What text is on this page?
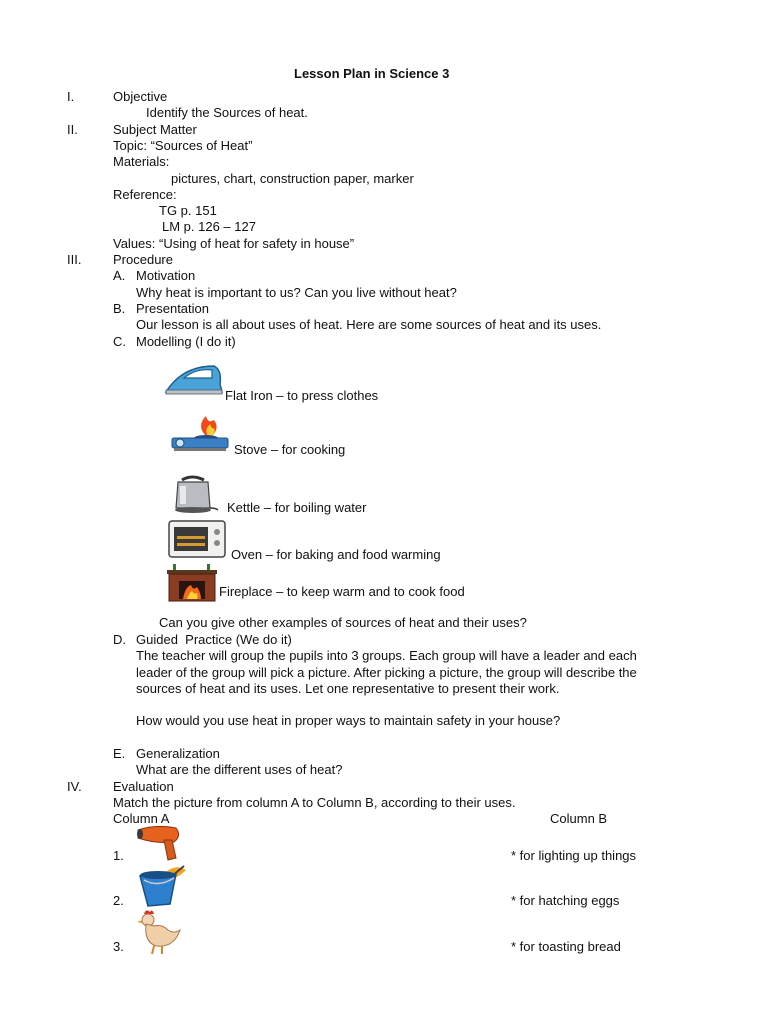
Lesson Plan in Science 3
I.	Objective
Identify the Sources of heat.
II.	Subject Matter
Topic: “Sources of Heat”
Materials:
pictures, chart, construction paper, marker
Reference:
TG p. 151
LM p. 126 – 127
Values: “Using of heat for safety in house”
III. Procedure
A. Motivation
Why heat is important to us? Can you live without heat?
B. Presentation
Our lesson is all about uses of heat. Here are some sources of heat and its uses.
C. Modelling (I do it)
Flat Iron – to press clothes
Stove – for cooking
Kettle – for boiling water
Oven – for baking and food warming
Fireplace – to keep warm and to cook food
Can you give other examples of sources of heat and their uses?
D. Guided  Practice (We do it)
The teacher will group the pupils into 3 groups. Each group will have a leader and each
leader of the group will pick a picture. After picking a picture, the group will describe the
sources of heat and its uses. Let one representative to present their work.
How would you use heat in proper ways to maintain safety in your house?
E. Generalization
What are the different uses of heat?
IV. Evaluation
Match the picture from column A to Column B, according to their uses.
Column A	Column B
1.	* for lighting up things
2.	* for hatching eggs
3.	* for toasting bread
